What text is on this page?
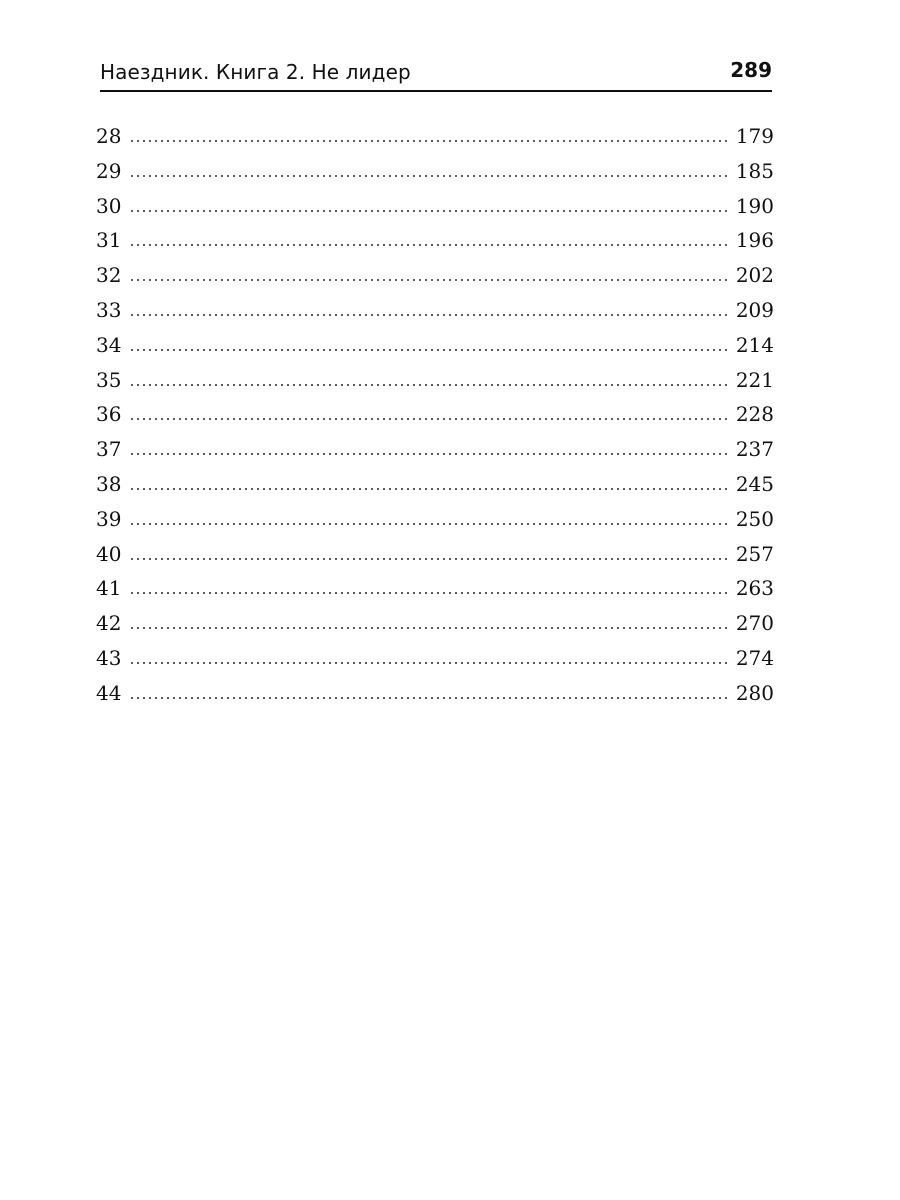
Наездник. Книга 2. Не лидер	289
28	179
29	185
30	190
31	196
32	202
33	209
34	214
35	221
36	228
37	237
38	245
39	250
40	257
41	263
42	270
43	274
44	280
